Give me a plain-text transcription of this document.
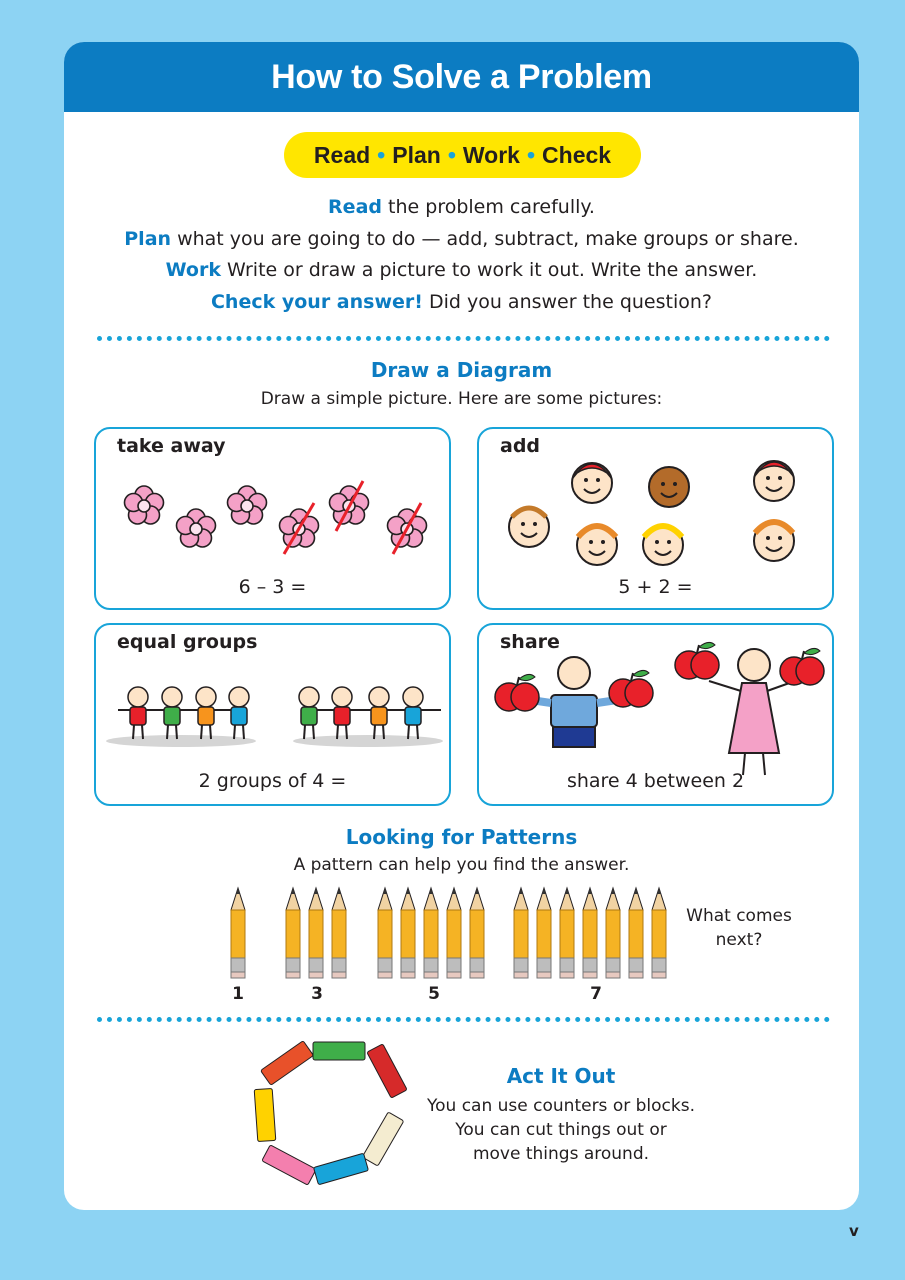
How to Solve a Problem
Read • Plan • Work • Check
Read the problem carefully.
Plan what you are going to do — add, subtract, make groups or share.
Work Write or draw a picture to work it out. Write the answer.
Check your answer! Did you answer the question?
Draw a Diagram
Draw a simple picture. Here are some pictures:
take away
6 – 3 =
add
5 + 2 =
equal groups
2 groups of 4 =
share
share 4 between 2
Looking for Patterns
A pattern can help you find the answer.
1	3	5	7
What comes
next?
Act It Out
You can use counters or blocks.
You can cut things out or
move things around.
v
